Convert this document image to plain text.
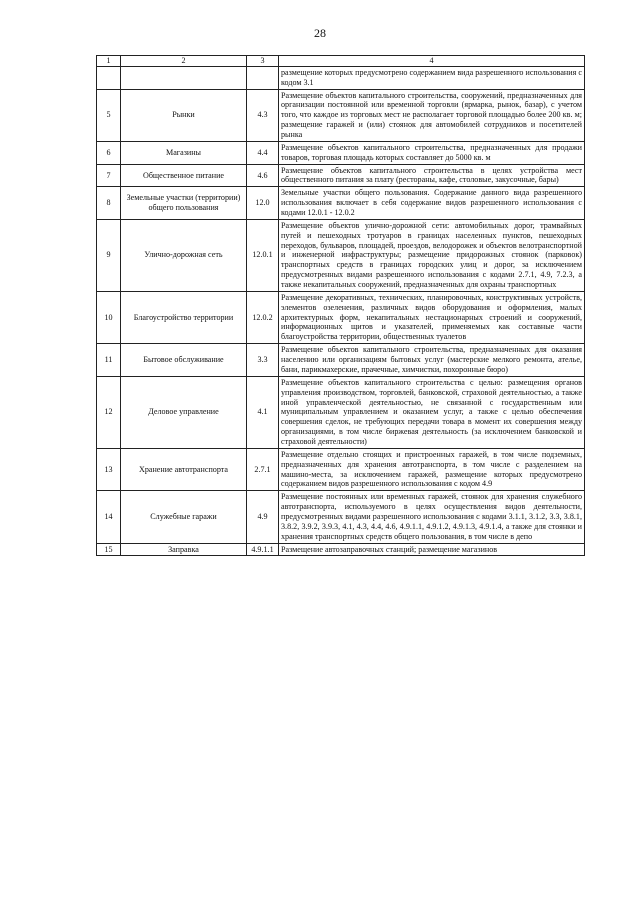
28
1	2	3	4
			размещение которых предусмотрено содержанием вида разрешенного использования с кодом 3.1
5	Рынки	4.3	Размещение объектов капитального строительства, сооружений, предназначенных для организации постоянной или временной торговли (ярмарка, рынок, базар), с учетом того, что каждое из торговых мест не располагает торговой площадью более 200 кв. м; размещение гаражей и (или) стоянок для автомобилей сотрудников и посетителей рынка
6	Магазины	4.4	Размещение объектов капитального строительства, предназначенных для продажи товаров, торговая площадь которых составляет до 5000 кв. м
7	Общественное питание	4.6	Размещение объектов капитального строительства в целях устройства мест общественного питания за плату (рестораны, кафе, столовые, закусочные, бары)
8	Земельные участки (территории) общего пользования	12.0	Земельные участки общего пользования. Содержание данного вида разрешенного использования включает в себя содержание видов разрешенного использования с кодами 12.0.1 - 12.0.2
9	Улично-дорожная сеть	12.0.1	Размещение объектов улично-дорожной сети: автомобильных дорог, трамвайных путей и пешеходных тротуаров в границах населенных пунктов, пешеходных переходов, бульваров, площадей, проездов, велодорожек и объектов велотранспортной и инженерной инфраструктуры; размещение придорожных стоянок (парковок) транспортных средств в границах городских улиц и дорог, за исключением предусмотренных видами разрешенного использования с кодами 2.7.1, 4.9, 7.2.3, а также некапитальных сооружений, предназначенных для охраны транспортных
10	Благоустройство территории	12.0.2	Размещение декоративных, технических, планировочных, конструктивных устройств, элементов озеленения, различных видов оборудования и оформления, малых архитектурных форм, некапитальных нестационарных строений и сооружений, информационных щитов и указателей, применяемых как составные части благоустройства территории, общественных туалетов
11	Бытовое обслуживание	3.3	Размещение объектов капитального строительства, предназначенных для оказания населению или организациям бытовых услуг (мастерские мелкого ремонта, ателье, бани, парикмахерские, прачечные, химчистки, похоронные бюро)
12	Деловое управление	4.1	Размещение объектов капитального строительства с целью: размещения органов управления производством, торговлей, банковской, страховой деятельностью, а также иной управленческой деятельностью, не связанной с государственным или муниципальным управлением и оказанием услуг, а также с целью обеспечения совершения сделок, не требующих передачи товара в момент их совершения между организациями, в том числе биржевая деятельность (за исключением банковской и страховой деятельности)
13	Хранение автотранспорта	2.7.1	Размещение отдельно стоящих и пристроенных гаражей, в том числе подземных, предназначенных для хранения автотранспорта, в том числе с разделением на машино-места, за исключением гаражей, размещение которых предусмотрено содержанием видов разрешенного использования с кодом 4.9
14	Служебные гаражи	4.9	Размещение постоянных или временных гаражей, стоянок для хранения служебного автотранспорта, используемого в целях осуществления видов деятельности, предусмотренных видами разрешенного использования с кодами 3.1.1, 3.1.2, 3.3, 3.8.1, 3.8.2, 3.9.2, 3.9.3, 4.1, 4.3, 4.4, 4.6, 4.9.1.1, 4.9.1.2, 4.9.1.3, 4.9.1.4, а также для стоянки и хранения транспортных средств общего пользования, в том числе в депо
15	Заправка	4.9.1.1	Размещение автозаправочных станций; размещение магазинов
